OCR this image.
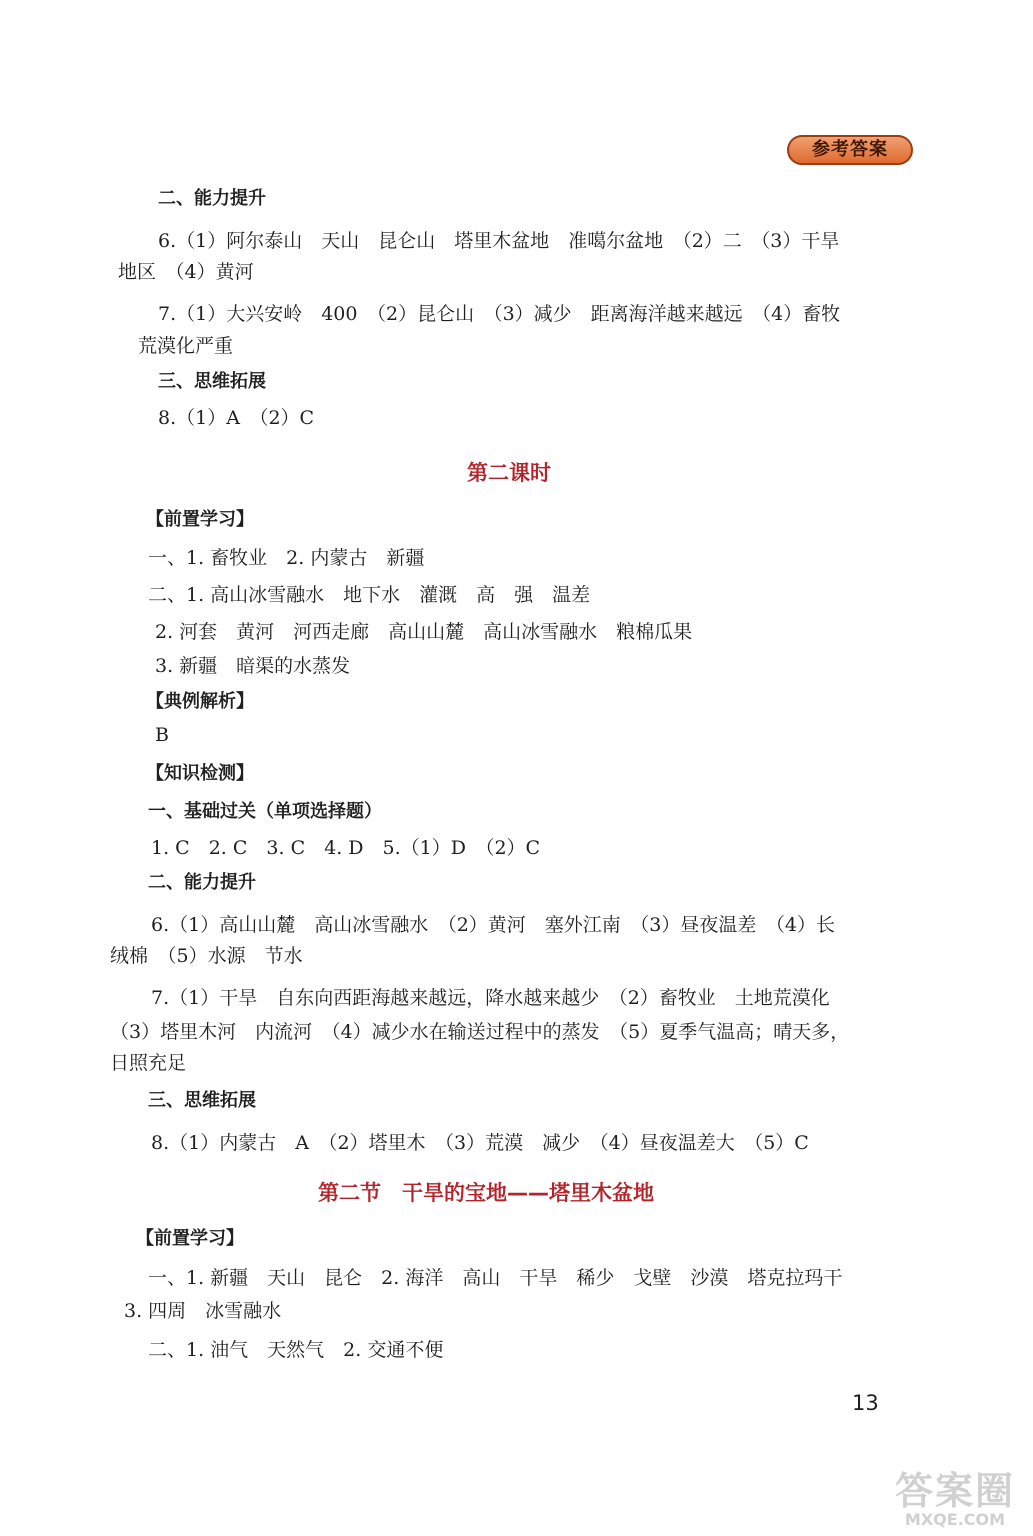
参考答案
二、能力提升
6.（1）阿尔泰山　天山　昆仑山　塔里木盆地　准噶尔盆地　（2）二　（3）干旱
地区　（4）黄河
7.（1）大兴安岭　400　（2）昆仑山　（3）减少　距离海洋越来越远　（4）畜牧
荒漠化严重
三、思维拓展
8.（1）A　（2）C
第二课时
【前置学习】
一、1. 畜牧业　2. 内蒙古　新疆
二、1. 高山冰雪融水　地下水　灌溉　高　强　温差
2. 河套　黄河　河西走廊　高山山麓　高山冰雪融水　粮棉瓜果
3. 新疆　暗渠的水蒸发
【典例解析】
B
【知识检测】
一、基础过关（单项选择题）
1. C　2. C　3. C　4. D　5.（1）D　（2）C
二、能力提升
6.（1）高山山麓　高山冰雪融水　（2）黄河　塞外江南　（3）昼夜温差　（4）长
绒棉　（5）水源　节水
7.（1）干旱　自东向西距海越来越远，降水越来越少　（2）畜牧业　土地荒漠化
（3）塔里木河　内流河　（4）减少水在输送过程中的蒸发　（5）夏季气温高；晴天多，
日照充足
三、思维拓展
8.（1）内蒙古　A　（2）塔里木　（3）荒漠　减少　（4）昼夜温差大　（5）C
第二节　干旱的宝地——塔里木盆地
【前置学习】
一、1. 新疆　天山　昆仑　2. 海洋　高山　干旱　稀少　戈壁　沙漠　塔克拉玛干
3. 四周　冰雪融水
二、1. 油气　天然气　2. 交通不便
13
答案圈
MXQE.COM
